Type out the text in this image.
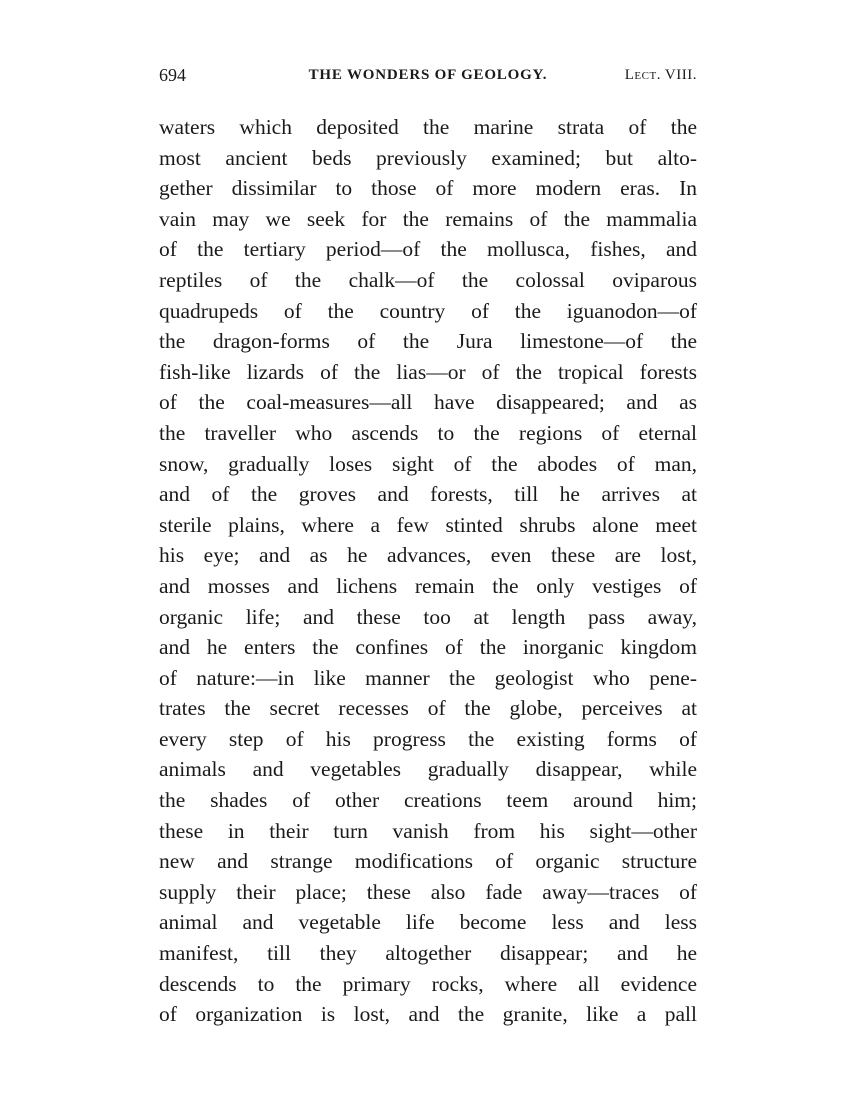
694	THE WONDERS OF GEOLOGY.	Lect. VIII.
waters which deposited the marine strata of the
most ancient beds previously examined; but alto-
gether dissimilar to those of more modern eras. In
vain may we seek for the remains of the mammalia
of the tertiary period—of the mollusca, fishes, and
reptiles of the chalk—of the colossal oviparous
quadrupeds of the country of the iguanodon—of
the dragon-forms of the Jura limestone—of the
fish-like lizards of the lias—or of the tropical forests
of the coal-measures—all have disappeared; and as
the traveller who ascends to the regions of eternal
snow, gradually loses sight of the abodes of man,
and of the groves and forests, till he arrives at
sterile plains, where a few stinted shrubs alone meet
his eye; and as he advances, even these are lost,
and mosses and lichens remain the only vestiges of
organic life; and these too at length pass away,
and he enters the confines of the inorganic kingdom
of nature:—in like manner the geologist who pene-
trates the secret recesses of the globe, perceives at
every step of his progress the existing forms of
animals and vegetables gradually disappear, while
the shades of other creations teem around him;
these in their turn vanish from his sight—other
new and strange modifications of organic structure
supply their place; these also fade away—traces of
animal and vegetable life become less and less
manifest, till they altogether disappear; and he
descends to the primary rocks, where all evidence
of organization is lost, and the granite, like a pall
